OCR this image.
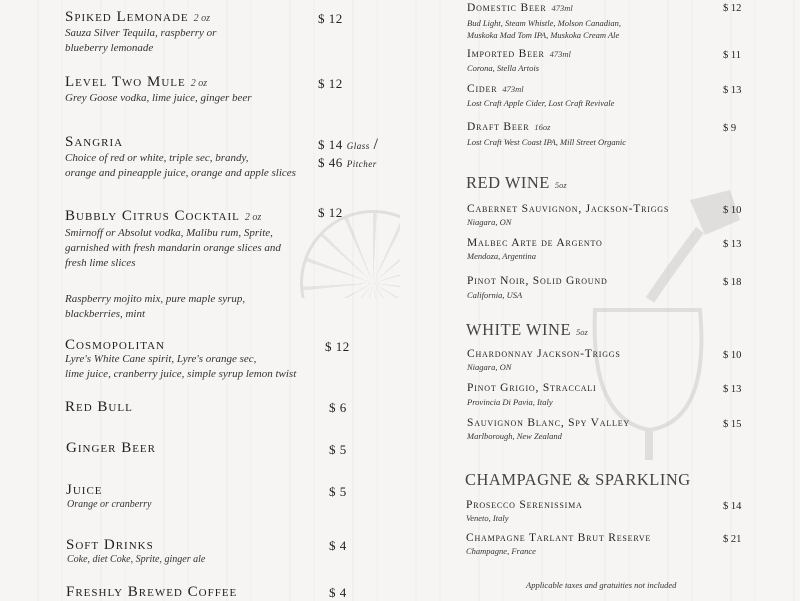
Spiked Lemonade 2 oz
Sauza Silver Tequila, raspberry or
blueberry lemonade
$ 12
Level Two Mule 2 oz
Grey Goose vodka, lime juice, ginger beer
$ 12
Sangria
Choice of red or white, triple sec, brandy,
orange and pineapple juice, orange and apple slices
$ 14 Glass /
$ 46 Pitcher
Bubbly Citrus Cocktail 2 oz
Smirnoff or Absolut vodka, Malibu rum, Sprite,
garnished with fresh mandarin orange slices and
fresh lime slices
$ 12
Raspberry mojito mix, pure maple syrup,
blackberries, mint
Cosmopolitan
Lyre's White Cane spirit, Lyre's orange sec,
lime juice, cranberry juice, simple syrup lemon twist
$ 12
Red Bull	$ 6
Ginger Beer	$ 5
Juice
Orange or cranberry
$ 5
Soft Drinks
Coke, diet Coke, Sprite, ginger ale
$ 4
Freshly Brewed Coffee	$ 4
Domestic Beer 473ml
Bud Light, Steam Whistle, Molson Canadian,
Muskoka Mad Tom IPA, Muskoka Cream Ale
$ 12
Imported Beer 473ml
Corona, Stella Artois
$ 11
Cider 473ml
Lost Craft Apple Cider, Lost Craft Revivale
$ 13
Draft Beer 16oz
Lost Craft West Coast IPA, Mill Street Organic
$ 9
RED WINE 5oz
Cabernet Sauvignon, Jackson-Triggs
Niagara, ON
$ 10
Malbec Arte de Argento
Mendoza, Argentina
$ 13
Pinot Noir, Solid Ground
California, USA
$ 18
WHITE WINE 5oz
Chardonnay Jackson-Triggs
Niagara, ON
$ 10
Pinot Grigio, Straccali
Provincia Di Pavia, Italy
$ 13
Sauvignon Blanc, Spy Valley
Marlborough, New Zealand
$ 15
CHAMPAGNE & SPARKLING
Prosecco Serenissima
Veneto, Italy
$ 14
Champagne Tarlant Brut Reserve
Champagne, France
$ 21
Applicable taxes and gratuities not included
